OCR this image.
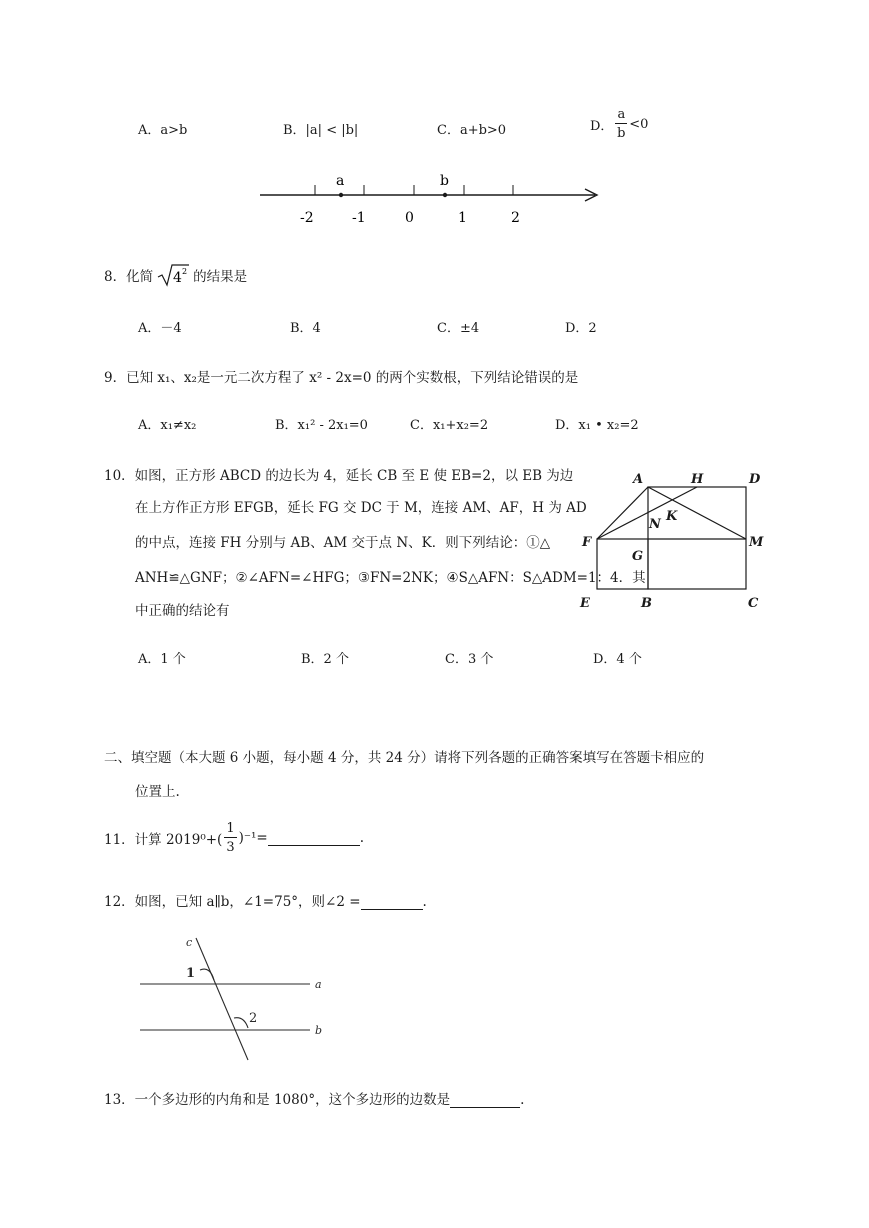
A．a>b	B．|a| < |b|	C．a+b>0	D． $\frac{a}{b} <0$
a	b
-2	-1	0	1	2
8．化简 4 2 的结果是
A．－4	B．4	C．±4	D．2
9．已知 x₁、x₂是一元二次方程了 x² - 2x=0 的两个实数根，下列结论错误的是
A．x₁≠x₂	B．x₁² - 2x₁=0	C．x₁+x₂=2	D．x₁ • x₂=2
10．如图，正方形 ABCD 的边长为 4，延长 CB 至 E 使 EB=2，以 EB 为边
在上方作正方形 EFGB，延长 FG 交 DC 于 M，连接 AM、AF，H 为 AD
的中点，连接 FH 分别与 AB、AM 交于点 N、K．则下列结论：①△
ANH≌△GNF；②∠AFN=∠HFG；③FN=2NK；④S△AFN：S△ADM=1：4．其
中正确的结论有
A	H	D
N
K
F
G
M
E	B	C
A．1 个	B．2 个	C．3 个	D．4 个
二、填空题（本大题 6 小题，每小题 4 分，共 24 分）请将下列各题的正确答案填写在答题卡相应的
位置上.
11．计算 $2019^0+( \frac{1}{3} )^{-1}=$	.
12．如图，已知 a∥b，∠1=75°，则∠2 =	.
c
1
a
2
b
13．一个多边形的内角和是 1080°，这个多边形的边数是	.
